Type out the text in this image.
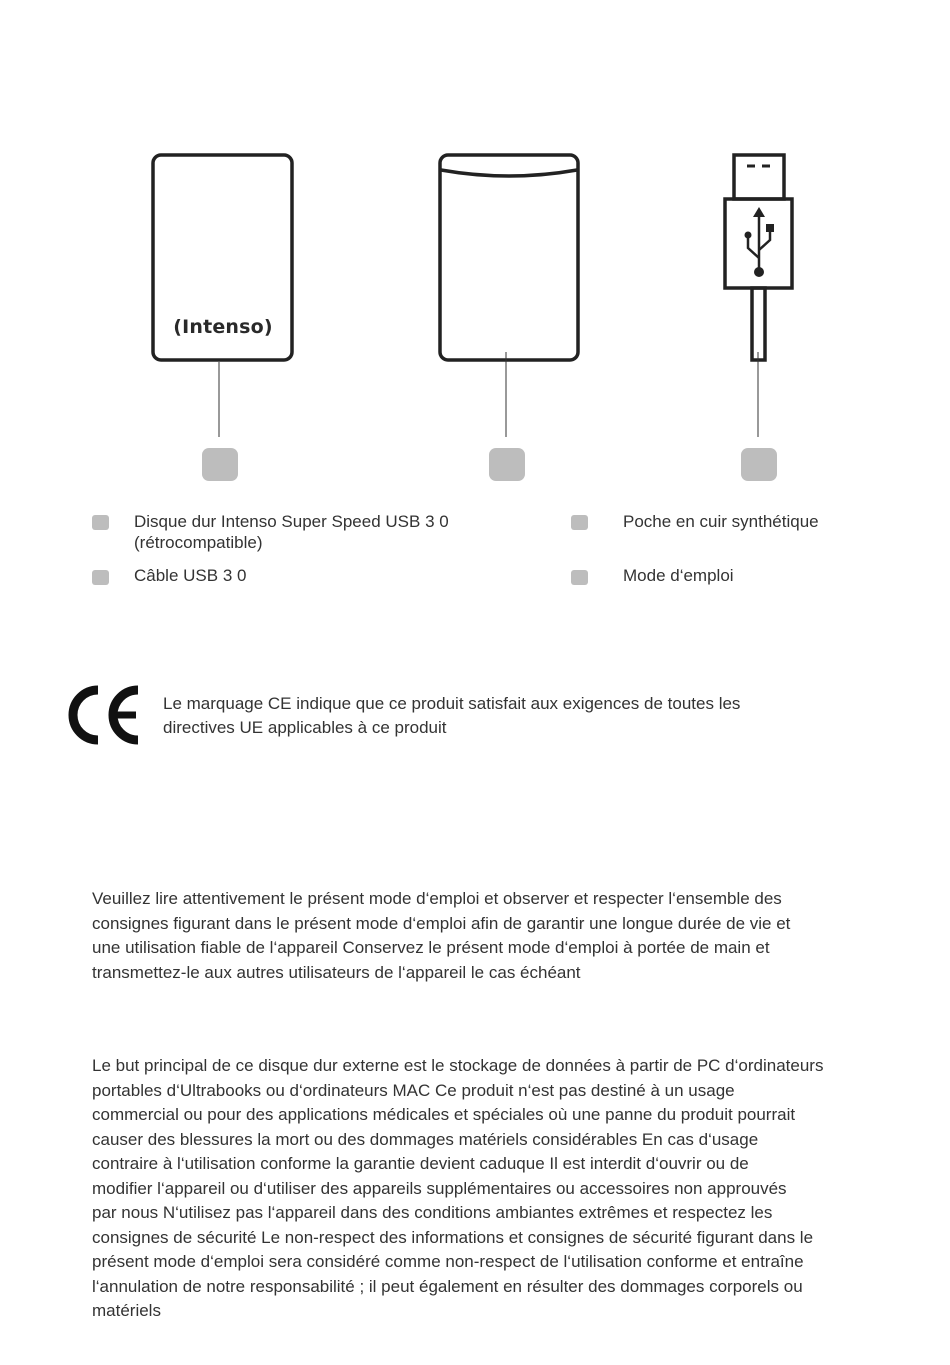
(Intenso)
Disque dur Intenso Super Speed USB 3 0
(rétrocompatible)
Poche en cuir synthétique
Câble USB 3 0	Mode d‘emploi
Le marquage CE indique que ce produit satisfait aux exigences de toutes les
directives UE applicables à ce produit
Veuillez lire attentivement le présent mode d‘emploi et observer et respecter l‘ensemble des
consignes figurant dans le présent mode d‘emploi afin de garantir une longue durée de vie et
une utilisation fiable de l‘appareil Conservez le présent mode d‘emploi à portée de main et
transmettez-le aux autres utilisateurs de l‘appareil le cas échéant
Le but principal de ce disque dur externe est le stockage de données à partir de PC d‘ordinateurs
portables d‘Ultrabooks ou d‘ordinateurs MAC Ce produit n‘est pas destiné à un usage
commercial ou pour des applications médicales et spéciales où une panne du produit pourrait
causer des blessures la mort ou des dommages matériels considérables En cas d‘usage
contraire à l‘utilisation conforme la garantie devient caduque Il est interdit d‘ouvrir ou de
modifier l‘appareil ou d‘utiliser des appareils supplémentaires ou accessoires non approuvés
par nous N‘utilisez pas l‘appareil dans des conditions ambiantes extrêmes et respectez les
consignes de sécurité Le non-respect des informations et consignes de sécurité figurant dans le
présent mode d‘emploi sera considéré comme non-respect de l‘utilisation conforme et entraîne
l‘annulation de notre responsabilité ; il peut également en résulter des dommages corporels ou
matériels
